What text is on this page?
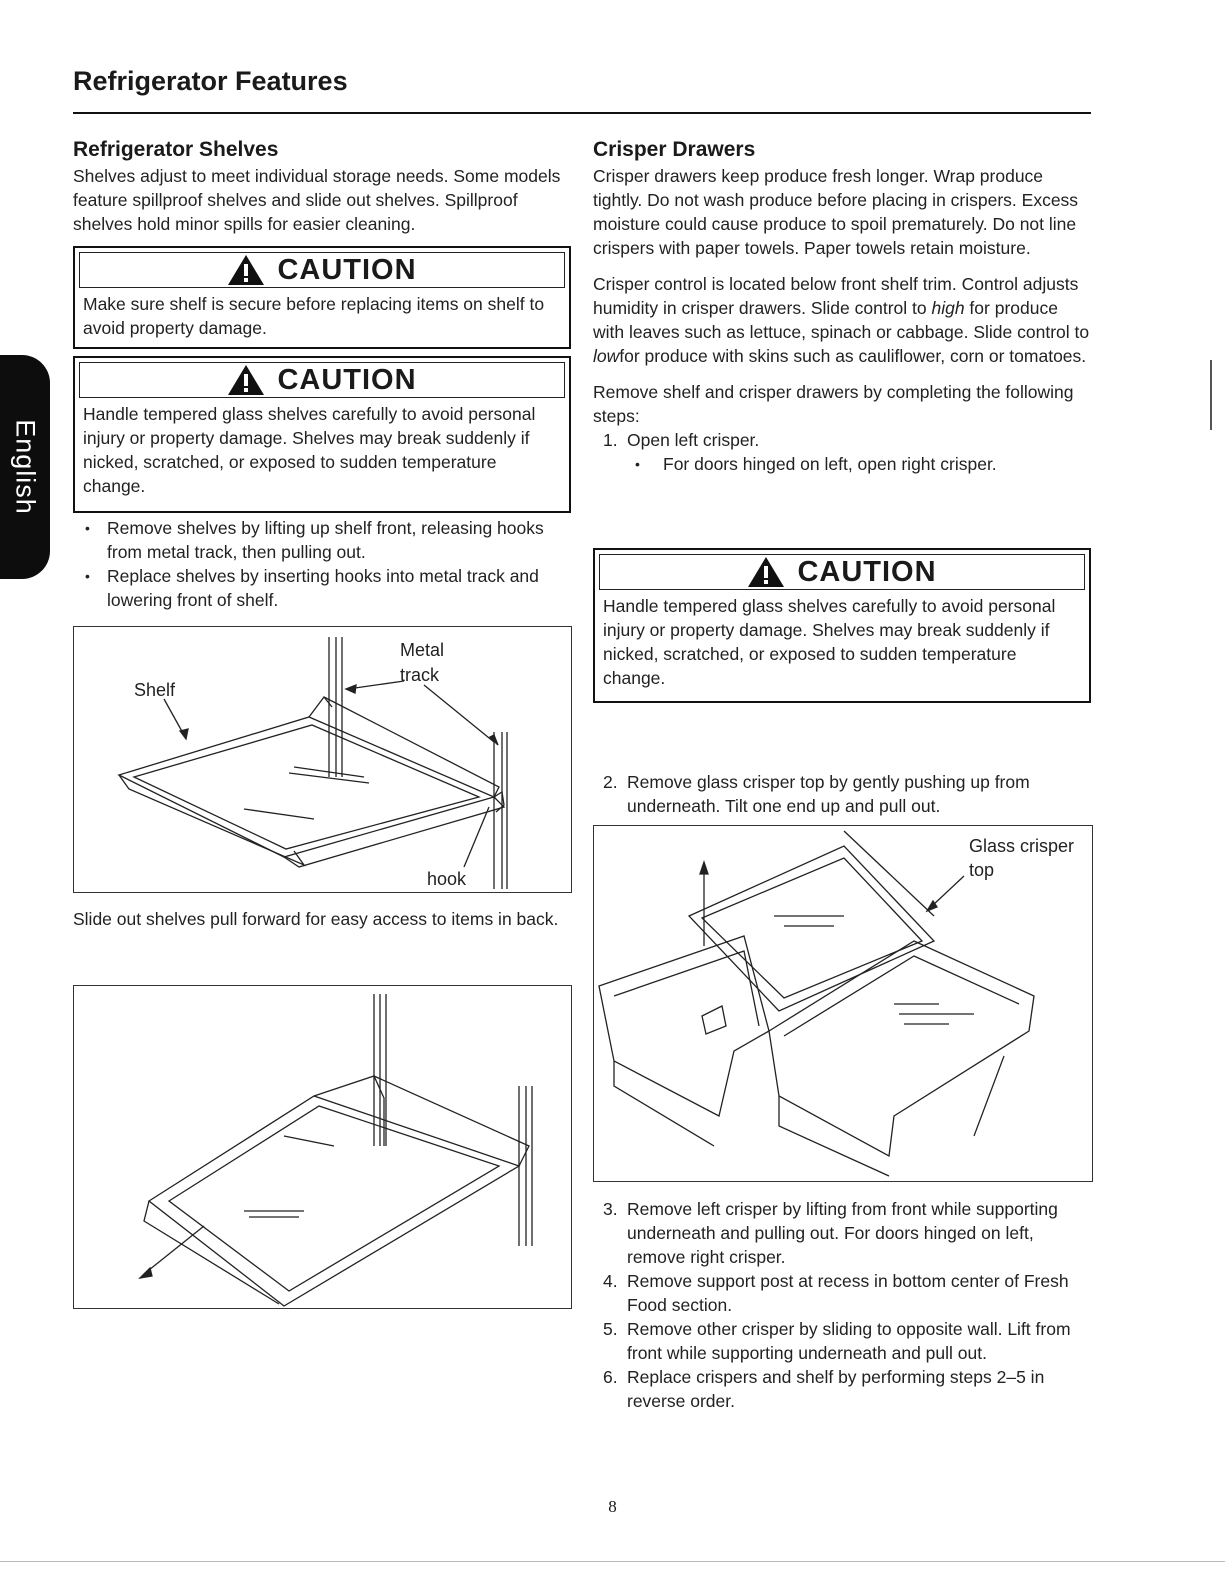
Refrigerator Features
English
Refrigerator Shelves

Shelves adjust to meet individual storage needs. Some models feature spillproof shelves and slide out shelves. Spillproof shelves hold minor spills for easier cleaning.

CAUTION
Make sure shelf is secure before replacing items on shelf to avoid property damage.
CAUTION
Handle tempered glass shelves carefully to avoid personal injury or property damage. Shelves may break suddenly if nicked, scratched, or exposed to sudden temperature change.
• Remove shelves by lifting up shelf front, releasing hooks from metal track, then pulling out.
• Replace shelves by inserting hooks into metal track and lowering front of shelf.
Shelf
Metal
track
hook

Slide out shelves pull forward for easy access to items in back.

Crisper Drawers

Crisper drawers keep produce fresh longer. Wrap produce tightly. Do not wash produce before placing in crispers. Excess moisture could cause produce to spoil prematurely. Do not line crispers with paper towels. Paper towels retain moisture.

Crisper control is located below front shelf trim. Control adjusts humidity in crisper drawers. Slide control to high for produce with leaves such as lettuce, spinach or cabbage. Slide control to lowfor produce with skins such as cauliflower, corn or tomatoes.

Remove shelf and crisper drawers by completing the following steps:

1. Open left crisper.
• For doors hinged on left, open right crisper.
CAUTION
Handle tempered glass shelves carefully to avoid personal injury or property damage. Shelves may break suddenly if nicked, scratched, or exposed to sudden temperature change.
2. Remove glass crisper top by gently pushing up from underneath. Tilt one end up and pull out.
Glass crisper
top
3. Remove left crisper by lifting from front while supporting underneath and pulling out. For doors hinged on left, remove right crisper.
4. Remove support post at recess in bottom center of Fresh Food section.
5. Remove other crisper by sliding to opposite wall. Lift from front while supporting underneath and pull out.
6. Replace crispers and shelf by performing steps 2–5 in reverse order.
8
